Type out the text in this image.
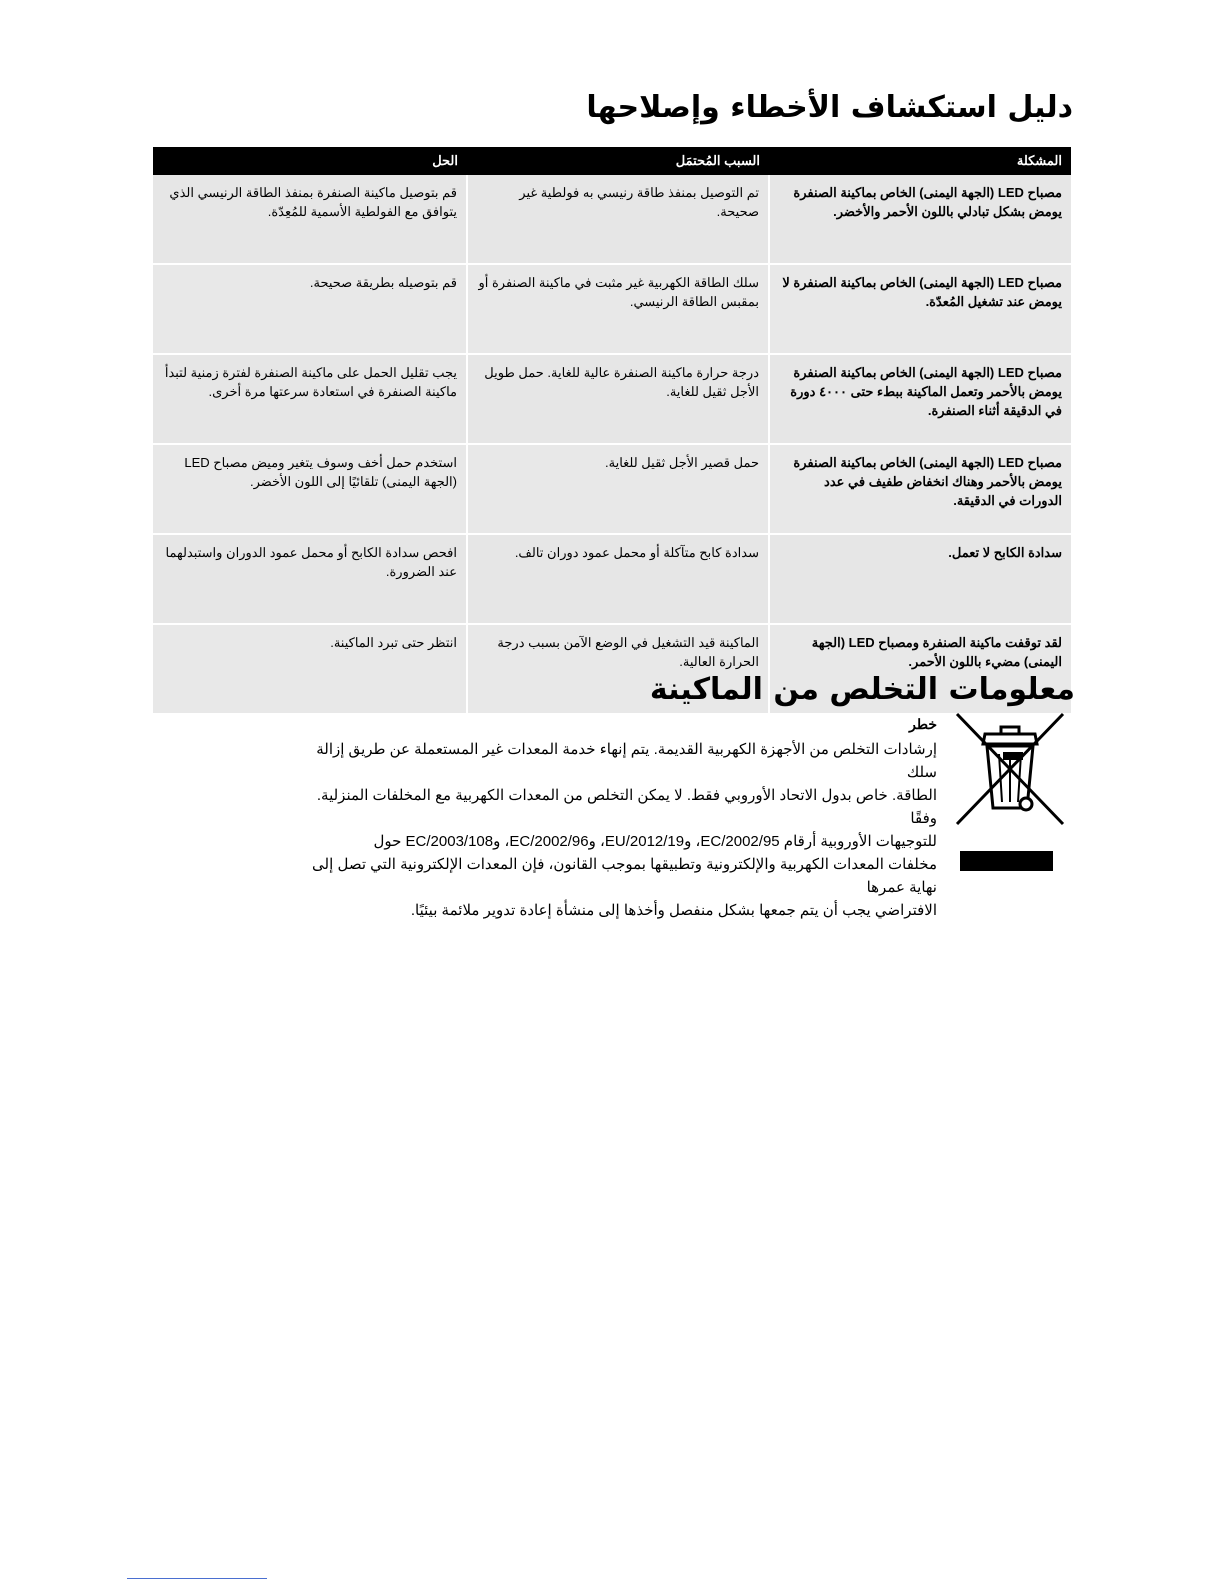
دليل استكشاف الأخطاء وإصلاحها
المشكلة	السبب المُحتمَل	الحل
مصباح LED (الجهة اليمنى) الخاص بماكينة الصنفرة يومض بشكل تبادلي باللون الأحمر والأخضر.	تم التوصيل بمنفذ طاقة رنيسي به فولطية غير صحيحة.	قم بتوصيل ماكينة الصنفرة بمنفذ الطاقة الرنيسي الذي يتوافق مع الفولطية الأسمية للمُعِدّة.
مصباح LED (الجهة اليمنى) الخاص بماكينة الصنفرة لا يومض عند تشغيل المُعدّة.	سلك الطاقة الكهربية غير مثبت في ماكينة الصنفرة أو بمقبس الطاقة الرنيسي.	قم بتوصيله بطريقة صحيحة.
مصباح LED (الجهة اليمنى) الخاص بماكينة الصنفرة يومض بالأحمر وتعمل الماكينة ببطء حتى ٤٠٠٠ دورة في الدقيقة أثناء الصنفرة.	درجة حرارة ماكينة الصنفرة عالية للغاية. حمل طويل الأجل ثقيل للغاية.	يجب تقليل الحمل على ماكينة الصنفرة لفترة زمنية لتبدأ ماكينة الصنفرة في استعادة سرعتها مرة أخرى.
مصباح LED (الجهة اليمنى) الخاص بماكينة الصنفرة يومض بالأحمر وهناك انخفاض طفيف في عدد الدورات في الدقيقة.	حمل قصير الأجل ثقيل للغاية.	استخدم حمل أخف وسوف يتغير وميض مصباح LED (الجهة اليمنى) تلقائيًا إلى اللون الأخضر.
سدادة الكابح لا تعمل.	سدادة كابح متآكلة أو محمل عمود دوران تالف.	افحص سدادة الكابح أو محمل عمود الدوران واستبدلهما عند الضرورة.
لقد توقفت ماكينة الصنفرة ومصباح LED (الجهة اليمنى) مضيء باللون الأحمر.	الماكينة قيد التشغيل في الوضع الآمن بسبب درجة الحرارة العالية.	انتظر حتى تبرد الماكينة.
معلومات التخلص من الماكينة
خطر
إرشادات التخلص من الأجهزة الكهربية القديمة. يتم إنهاء خدمة المعدات غير المستعملة عن طريق إزالة سلك
الطاقة. خاص بدول الاتحاد الأوروبي فقط. لا يمكن التخلص من المعدات الكهربية مع المخلفات المنزلية. وفقًا
للتوجيهات الأوروبية أرقام 2002/95/EC، و2012/19/EU، و96/EC/2002، و108/EC/2003 حول
مخلفات المعدات الكهربية والإلكترونية وتطبيقها بموجب القانون، فإن المعدات الإلكترونية التي تصل إلى نهاية عمرها
الافتراضي يجب أن يتم جمعها بشكل منفصل وأخذها إلى منشأة إعادة تدوير ملائمة بيئيًا.
